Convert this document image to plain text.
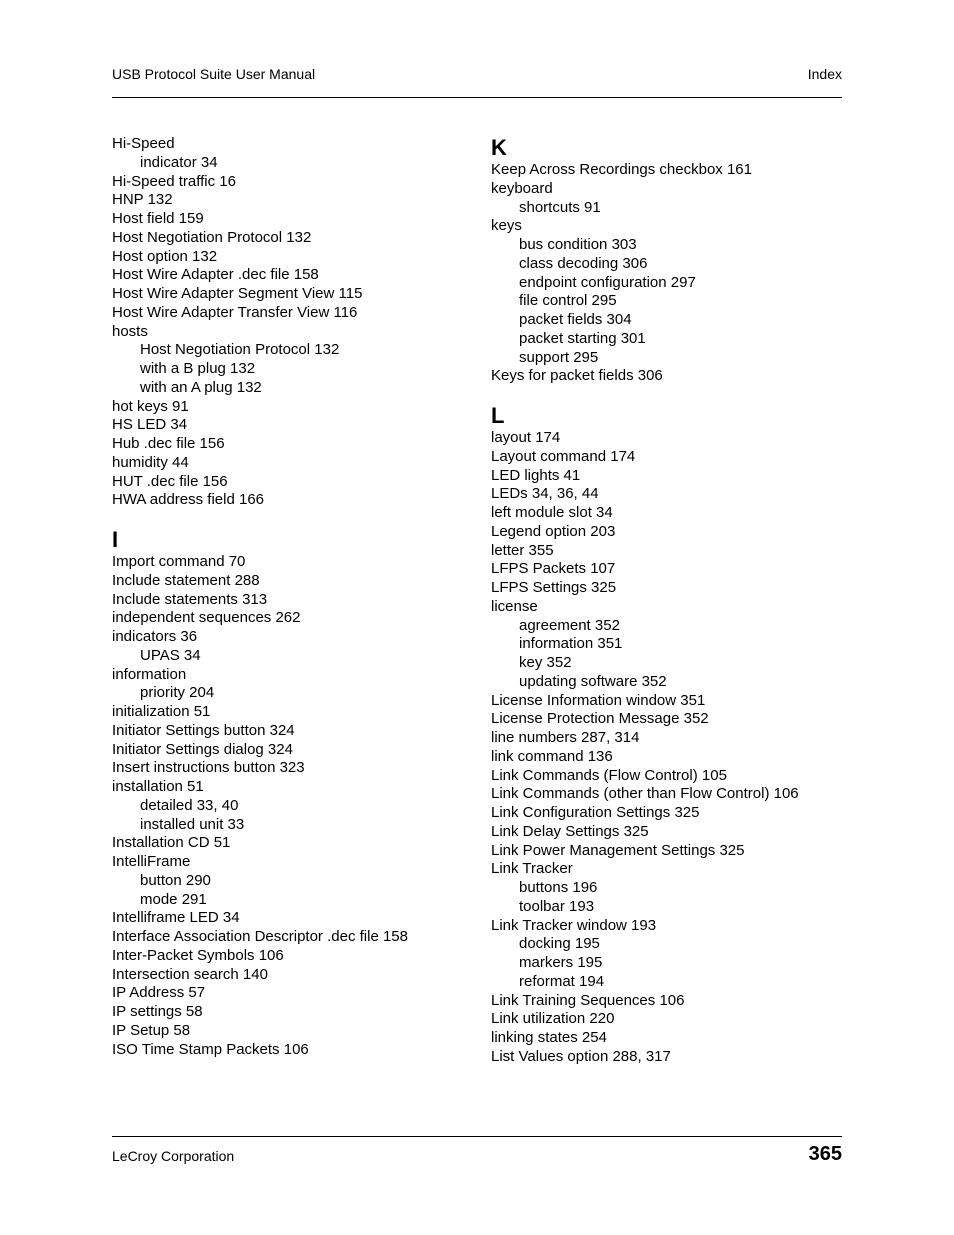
USB Protocol Suite User Manual	Index
Hi-Speed
indicator 34
Hi-Speed traffic 16
HNP 132
Host field 159
Host Negotiation Protocol 132
Host option 132
Host Wire Adapter .dec file 158
Host Wire Adapter Segment View 115
Host Wire Adapter Transfer View 116
hosts
Host Negotiation Protocol 132
with a B plug 132
with an A plug 132
hot keys 91
HS LED 34
Hub .dec file 156
humidity 44
HUT .dec file 156
HWA address field 166
I
Import command 70
Include statement 288
Include statements 313
independent sequences 262
indicators 36
UPAS 34
information
priority 204
initialization 51
Initiator Settings button 324
Initiator Settings dialog 324
Insert instructions button 323
installation 51
detailed 33, 40
installed unit 33
Installation CD 51
IntelliFrame
button 290
mode 291
Intelliframe LED 34
Interface Association Descriptor .dec file 158
Inter-Packet Symbols 106
Intersection search 140
IP Address 57
IP settings 58
IP Setup 58
ISO Time Stamp Packets 106
K
Keep Across Recordings checkbox 161
keyboard
shortcuts 91
keys
bus condition 303
class decoding 306
endpoint configuration 297
file control 295
packet fields 304
packet starting 301
support 295
Keys for packet fields 306
L
layout 174
Layout command 174
LED lights 41
LEDs 34, 36, 44
left module slot 34
Legend option 203
letter 355
LFPS Packets 107
LFPS Settings 325
license
agreement 352
information 351
key 352
updating software 352
License Information window 351
License Protection Message 352
line numbers 287, 314
link command 136
Link Commands (Flow Control) 105
Link Commands (other than Flow Control) 106
Link Configuration Settings 325
Link Delay Settings 325
Link Power Management Settings 325
Link Tracker
buttons 196
toolbar 193
Link Tracker window 193
docking 195
markers 195
reformat 194
Link Training Sequences 106
Link utilization 220
linking states 254
List Values option 288, 317
LeCroy Corporation	365
